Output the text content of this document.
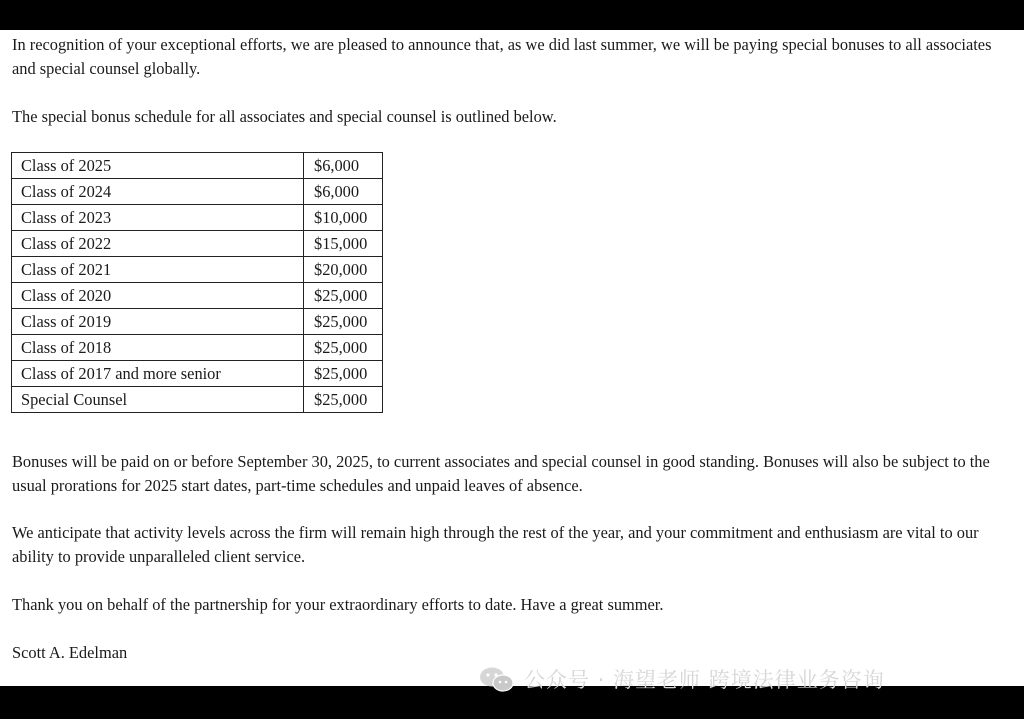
In recognition of your exceptional efforts, we are pleased to announce that, as we did last summer, we will be paying special bonuses to all associates and special counsel globally.

The special bonus schedule for all associates and special counsel is outlined below.

Class of 2025	$6,000
Class of 2024	$6,000
Class of 2023	$10,000
Class of 2022	$15,000
Class of 2021	$20,000
Class of 2020	$25,000
Class of 2019	$25,000
Class of 2018	$25,000
Class of 2017 and more senior	$25,000
Special Counsel	$25,000

Bonuses will be paid on or before September 30, 2025, to current associates and special counsel in good standing. Bonuses will also be subject to the usual prorations for 2025 start dates, part-time schedules and unpaid leaves of absence.

We anticipate that activity levels across the firm will remain high through the rest of the year, and your commitment and enthusiasm are vital to our ability to provide unparalleled client service.

Thank you on behalf of the partnership for your extraordinary efforts to date. Have a great summer.

Scott A. Edelman

公众号 · 海望老师 跨境法律业务咨询
